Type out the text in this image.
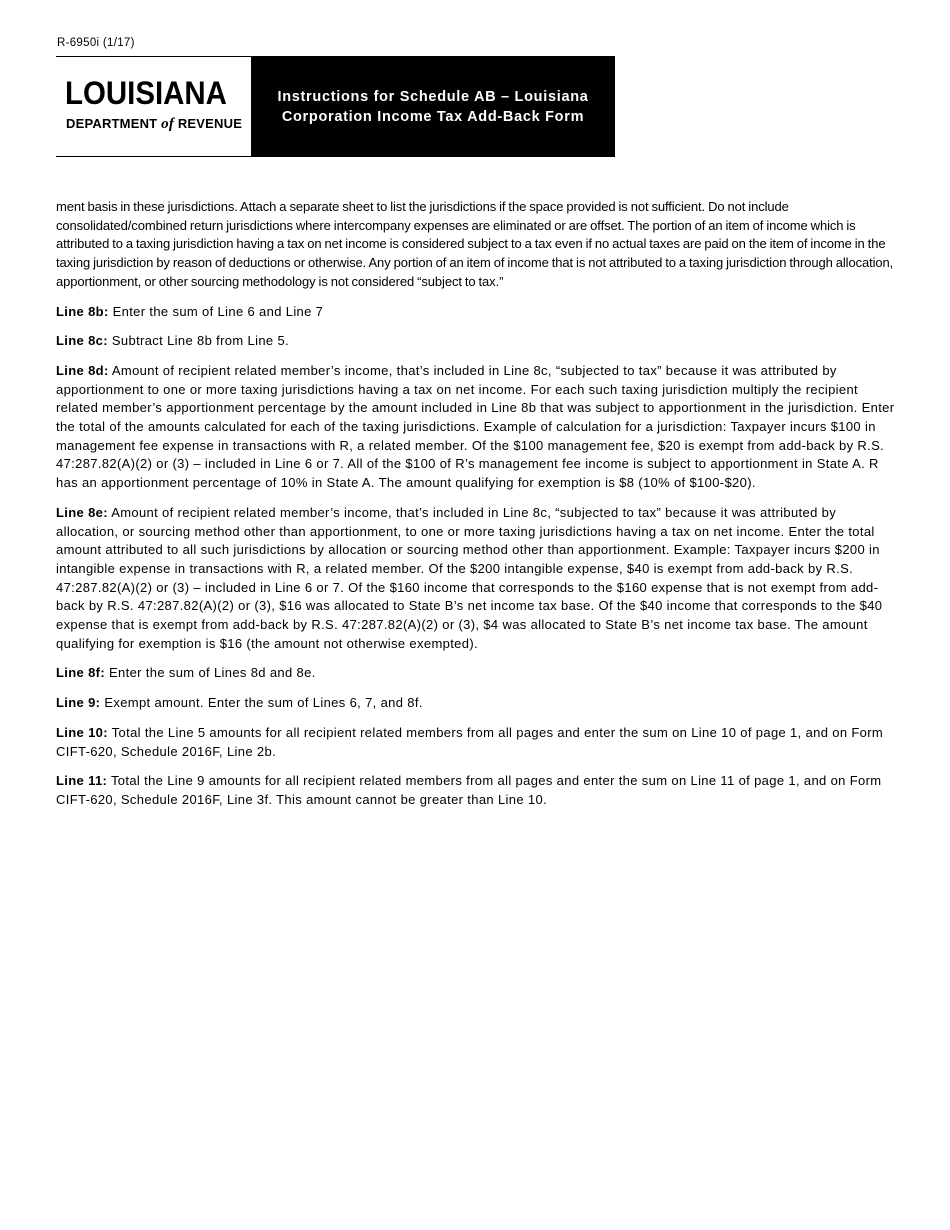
R-6950i (1/17)
LOUISIANA
DEPARTMENT of REVENUE
Instructions for Schedule AB – Louisiana
Corporation Income Tax Add-Back Form

ment basis in these jurisdictions. Attach a separate sheet to list the jurisdictions if the space provided is not sufficient. Do not include consolidated/combined return jurisdictions where intercompany expenses are eliminated or are offset. The portion of an item of income which is attributed to a taxing jurisdiction having a tax on net income is considered subject to a tax even if no actual taxes are paid on the item of income in the taxing jurisdiction by reason of deductions or otherwise. Any portion of an item of income that is not attributed to a taxing jurisdiction through allocation, apportionment, or other sourcing methodology is not considered “subject to tax.”

Line 8b: Enter the sum of Line 6 and Line 7

Line 8c: Subtract Line 8b from Line 5.

Line 8d: Amount of recipient related member’s income, that’s included in Line 8c, “subjected to tax” because it was attributed by apportionment to one or more taxing jurisdictions having a tax on net income. For each such taxing jurisdiction multiply the recipient related member’s apportionment percentage by the amount included in Line 8b that was subject to apportionment in the jurisdiction. Enter the total of the amounts calculated for each of the taxing jurisdictions. Example of calculation for a jurisdiction: Taxpayer incurs $100 in management fee expense in transactions with R, a related member. Of the $100 management fee, $20 is exempt from add-back by R.S. 47:287.82(A)(2) or (3) – included in Line 6 or 7. All of the $100 of R’s management fee income is subject to apportionment in State A. R has an apportionment percentage of 10% in State A. The amount qualifying for exemption is $8 (10% of $100-$20).

Line 8e: Amount of recipient related member’s income, that’s included in Line 8c, “subjected to tax” because it was attributed by allocation, or sourcing method other than apportionment, to one or more taxing jurisdictions having a tax on net income. Enter the total amount attributed to all such jurisdictions by allocation or sourcing method other than apportionment. Example: Taxpayer incurs $200 in intangible expense in transactions with R, a related member. Of the $200 intangible expense, $40 is exempt from add-back by R.S. 47:287.82(A)(2) or (3) – included in Line 6 or 7. Of the $160 income that corresponds to the $160 expense that is not exempt from add-back by R.S. 47:287.82(A)(2) or (3), $16 was allocated to State B’s net income tax base. Of the $40 income that corresponds to the $40 expense that is exempt from add-back by R.S. 47:287.82(A)(2) or (3), $4 was allocated to State B’s net income tax base. The amount qualifying for exemption is $16 (the amount not otherwise exempted).

Line 8f: Enter the sum of Lines 8d and 8e.

Line 9: Exempt amount. Enter the sum of Lines 6, 7, and 8f.

Line 10: Total the Line 5 amounts for all recipient related members from all pages and enter the sum on Line 10 of page 1, and on Form CIFT-620, Schedule 2016F, Line 2b.

Line 11: Total the Line 9 amounts for all recipient related members from all pages and enter the sum on Line 11 of page 1, and on Form CIFT-620, Schedule 2016F, Line 3f. This amount cannot be greater than Line 10.
